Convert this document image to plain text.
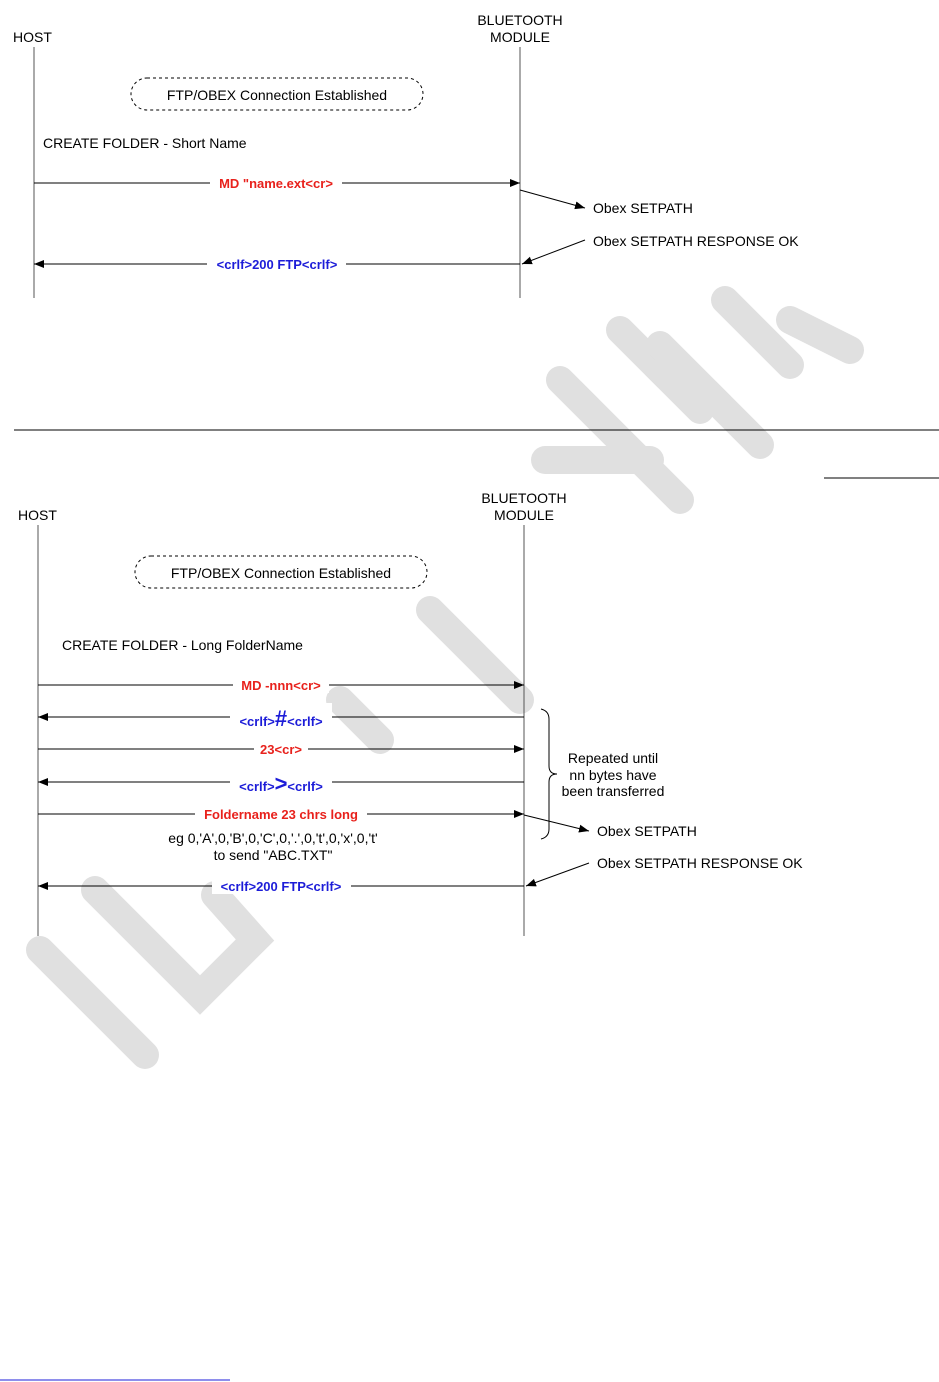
HOST
BLUETOOTH
MODULE
FTP/OBEX Connection Established
CREATE FOLDER - Short Name
MD "name.ext<cr>
Obex SETPATH
Obex SETPATH RESPONSE OK
<crlf>200 FTP<crlf>
HOST
BLUETOOTH
MODULE
FTP/OBEX Connection Established
CREATE FOLDER - Long FolderName
MD -nnn<cr>
<crlf>#<crlf>
23<cr>
<crlf>><crlf>
Foldername 23 chrs long
eg 0,'A',0,'B',0,'C',0,'.',0,'t',0,'x',0,'t'
to send "ABC.TXT"
Repeated until
nn bytes have
been transferred
Obex SETPATH
Obex SETPATH RESPONSE OK
<crlf>200 FTP<crlf>
